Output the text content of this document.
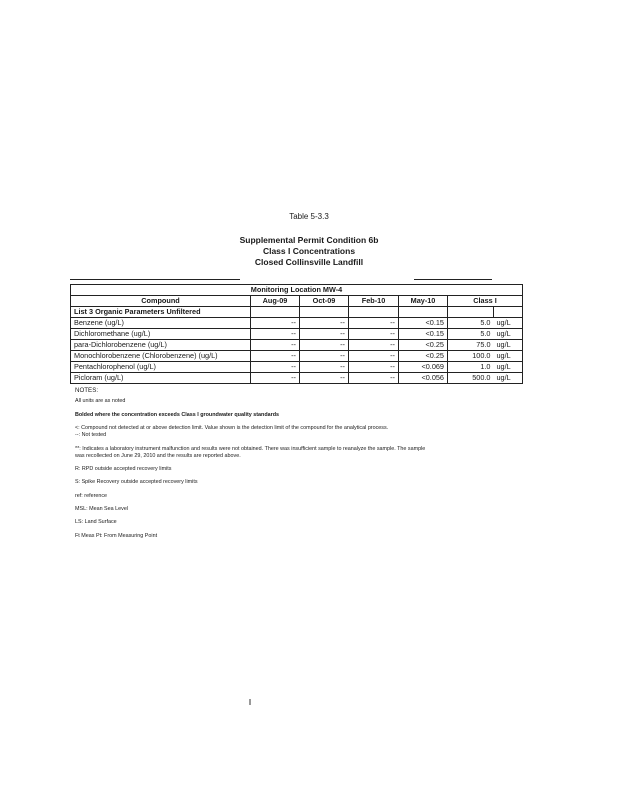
Table 5-3.3
Supplemental Permit Condition 6b
Class I Concentrations
Closed Collinsville Landfill
Monitoring Location MW-4						
Compound	Aug-09	Oct-09	Feb-10	May-10	Class I	
List 3 Organic Parameters Unfiltered						
Benzene (ug/L)	--	--	--	<0.15	5.0	ug/L
Dichloromethane (ug/L)	--	--	--	<0.15	5.0	ug/L
para-Dichlorobenzene (ug/L)	--	--	--	<0.25	75.0	ug/L
Monochlorobenzene (Chlorobenzene) (ug/L)	--	--	--	<0.25	100.0	ug/L
Pentachlorophenol (ug/L)	--	--	--	<0.069	1.0	ug/L
Picloram (ug/L)	--	--	--	<0.056	500.0	ug/L
NOTES:
All units are as noted
Bolded where the concentration exceeds Class I groundwater quality standards
<: Compound not detected at or above detection limit. Value shown is the detection limit of the compound for the analytical process.
--: Not tested
**: Indicates a laboratory instrument malfunction and results were not obtained. There was insufficient sample to reanalyze the sample. The sample
was recollected on June 29, 2010 and the results are reported above.
R: RPD outside accepted recovery limits
S: Spike Recovery outside accepted recovery limits
ref: reference
MSL: Mean Sea Level
LS: Land Surface
Ft Meas Pt: From Measuring Point
